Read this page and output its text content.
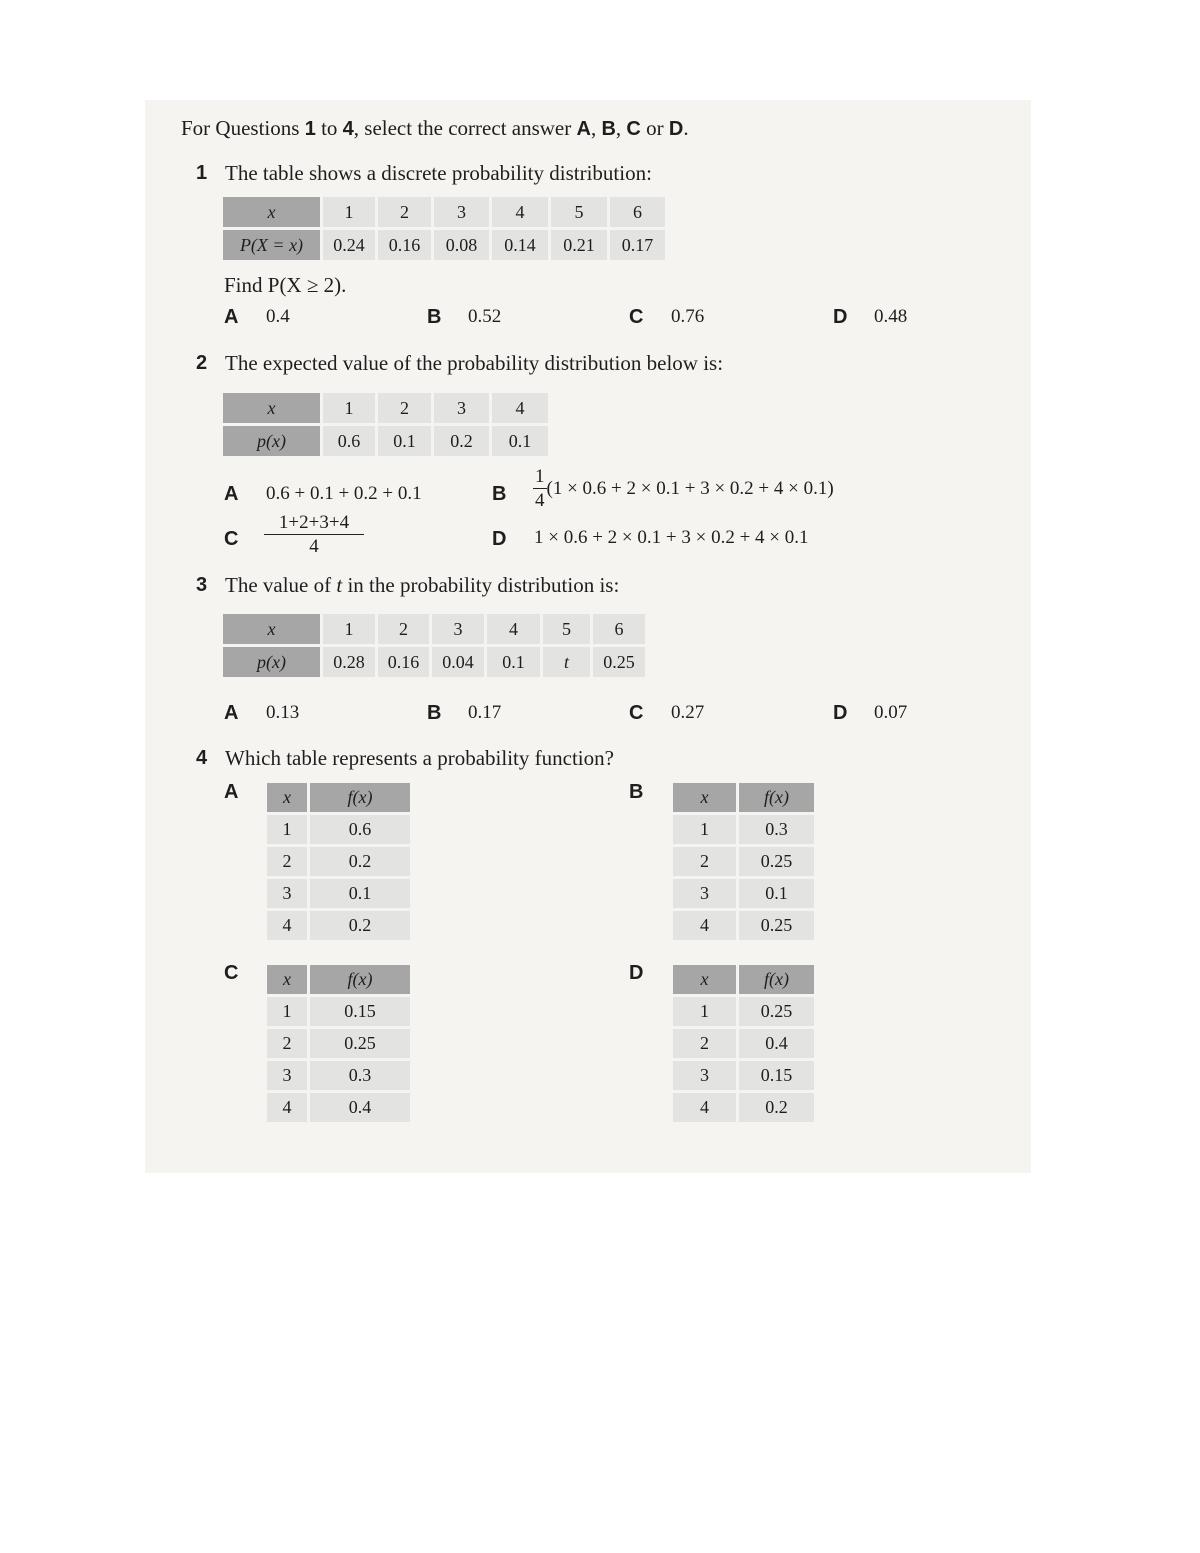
For Questions 1 to 4, select the correct answer A, B, C or D.
1 The table shows a discrete probability distribution:
x	1	2	3	4	5	6
P(X = x)	0.24	0.16	0.08	0.14	0.21	0.17
Find P(X ≥ 2).
A 0.4	B 0.52	C 0.76	D 0.48
2 The expected value of the probability distribution below is:
x	1	2	3	4
p(x)	0.6	0.1	0.2	0.1
A 0.6 + 0.1 + 0.2 + 0.1	B $\frac{1}{4} (1 \times 0.6 + 2 \times 0.1 + 3 \times 0.2 + 4 \times 0.1)$
C $\frac{1+2+3+4}{4}$	D 1 × 0.6 + 2 × 0.1 + 3 × 0.2 + 4 × 0.1
3 The value of t in the probability distribution is:
x	1	2	3	4	5	6
p(x)	0.28	0.16	0.04	0.1	t	0.25
A 0.13	B 0.17	C 0.27	D 0.07
4 Which table represents a probability function?
A x	f(x)
1	0.6
2	0.2
3	0.1
4	0.2
B	x	f(x)
1	0.3
2	0.25
3	0.1
4	0.25
C x	f(x)
1	0.15
2	0.25
3	0.3
4	0.4
D	x	f(x)
1	0.25
2	0.4
3	0.15
4	0.2
